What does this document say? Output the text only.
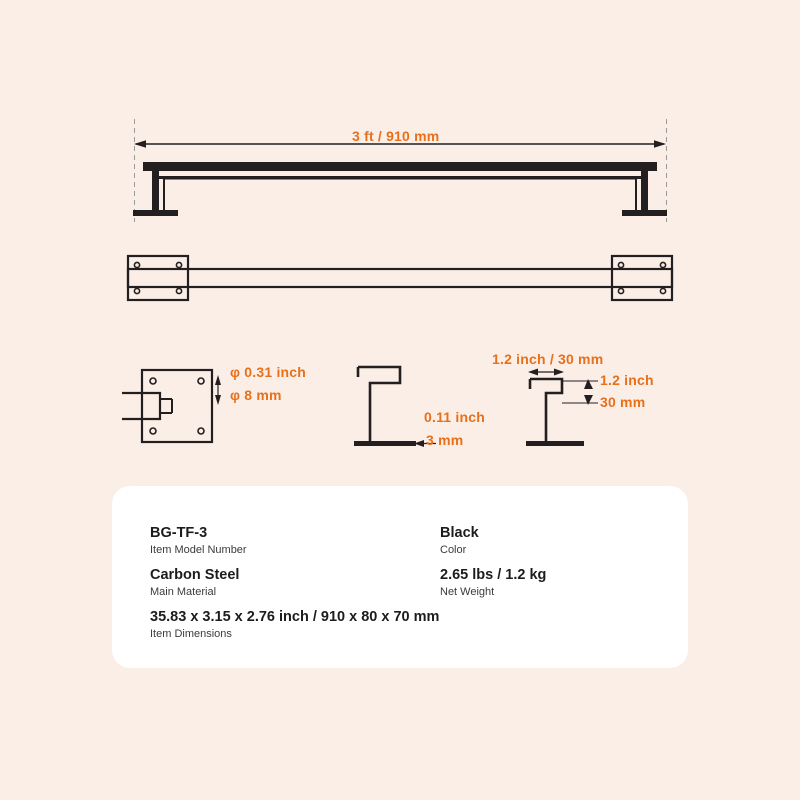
3 ft / 910 mm
φ 0.31 inch
φ 8 mm
0.11 inch
3 mm
1.2 inch / 30 mm
1.2 inch
30 mm
BG-TF-3
Item Model Number
Black
Color
Carbon Steel
Main Material
2.65 lbs / 1.2 kg
Net Weight
35.83 x 3.15 x 2.76 inch / 910 x 80 x 70 mm
Item Dimensions
